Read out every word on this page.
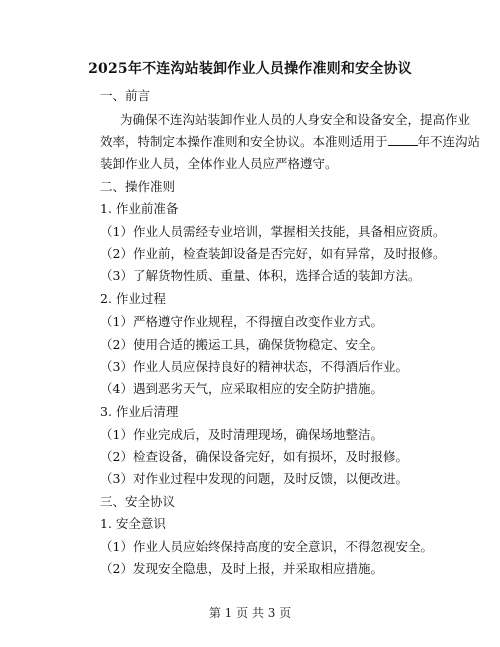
2025年不连沟站装卸作业人员操作准则和安全协议
一、前言
为确保不连沟站装卸作业人员的人身安全和设备安全，提高作业
效率，特制定本操作准则和安全协议。本准则适用于 年不连沟站
装卸作业人员，全体作业人员应严格遵守。
二、操作准则
1. 作业前准备
（1）作业人员需经专业培训，掌握相关技能，具备相应资质。
（2）作业前，检查装卸设备是否完好，如有异常，及时报修。
（3）了解货物性质、重量、体积，选择合适的装卸方法。
2. 作业过程
（1）严格遵守作业规程，不得擅自改变作业方式。
（2）使用合适的搬运工具，确保货物稳定、安全。
（3）作业人员应保持良好的精神状态，不得酒后作业。
（4）遇到恶劣天气，应采取相应的安全防护措施。
3. 作业后清理
（1）作业完成后，及时清理现场，确保场地整洁。
（2）检查设备，确保设备完好，如有损坏，及时报修。
（3）对作业过程中发现的问题，及时反馈，以便改进。
三、安全协议
1. 安全意识
（1）作业人员应始终保持高度的安全意识，不得忽视安全。
（2）发现安全隐患，及时上报，并采取相应措施。
第 1 页 共 3 页
